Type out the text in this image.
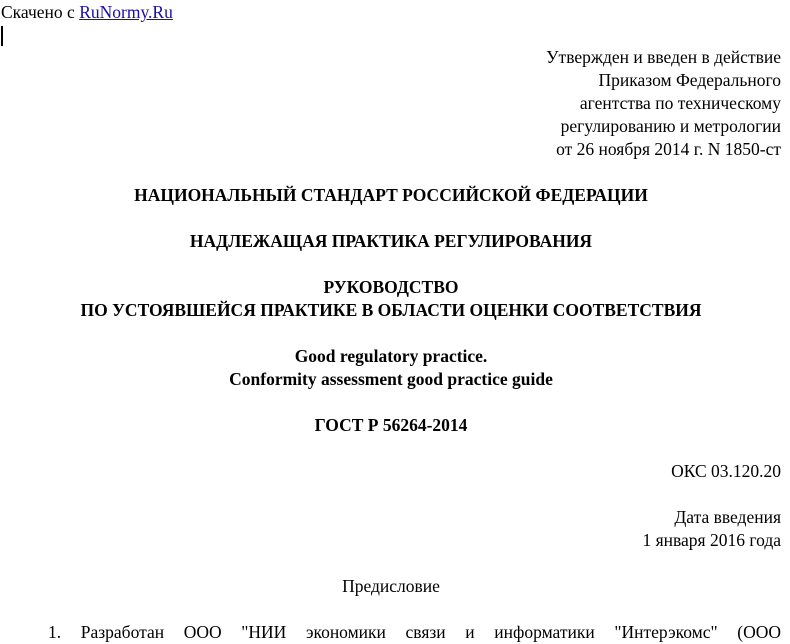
Скачено с RuNormy.Ru
Утвержден и введен в действие
Приказом Федерального
агентства по техническому
регулированию и метрологии
от 26 ноября 2014 г. N 1850-ст
НАЦИОНАЛЬНЫЙ СТАНДАРТ РОССИЙСКОЙ ФЕДЕРАЦИИ
НАДЛЕЖАЩАЯ ПРАКТИКА РЕГУЛИРОВАНИЯ
РУКОВОДСТВО
ПО УСТОЯВШЕЙСЯ ПРАКТИКЕ В ОБЛАСТИ ОЦЕНКИ СООТВЕТСТВИЯ
Good regulatory practice.
Conformity assessment good practice guide
ГОСТ Р 56264-2014
ОКС 03.120.20
Дата введения
1 января 2016 года
Предисловие
1. Разработан ООО "НИИ экономики связи и информатики "Интерэкомс" (ООО
